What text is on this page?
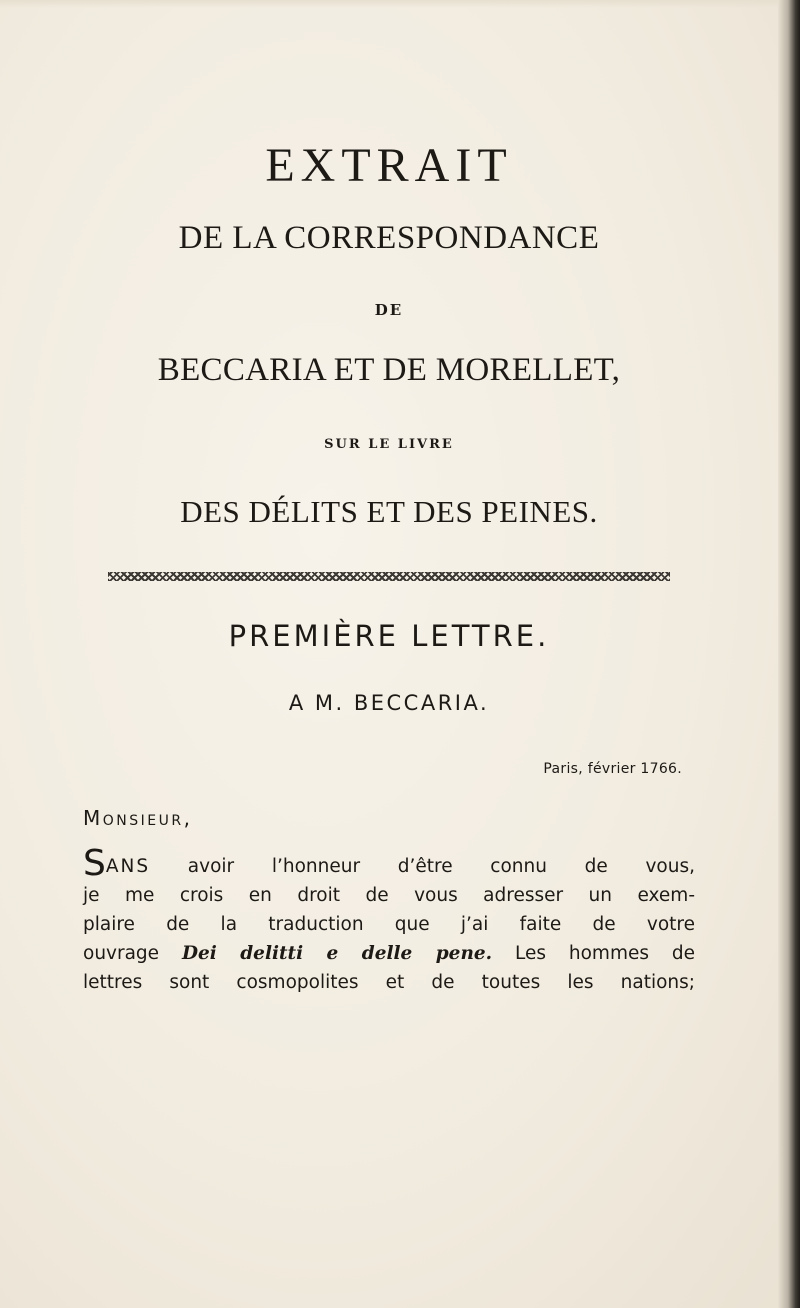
EXTRAIT
DE LA CORRESPONDANCE
DE
BECCARIA ET DE MORELLET,
SUR LE LIVRE
DES DÉLITS ET DES PEINES.
PREMIÈRE LETTRE.
A M. BECCARIA.
Paris, février 1766.
Monsieur,
SANS avoir l’honneur d’être connu de vous,
je me crois en droit de vous adresser un exem-
plaire de la traduction que j’ai faite de votre
ouvrage Dei delitti e delle pene. Les hommes de
lettres sont cosmopolites et de toutes les nations;
